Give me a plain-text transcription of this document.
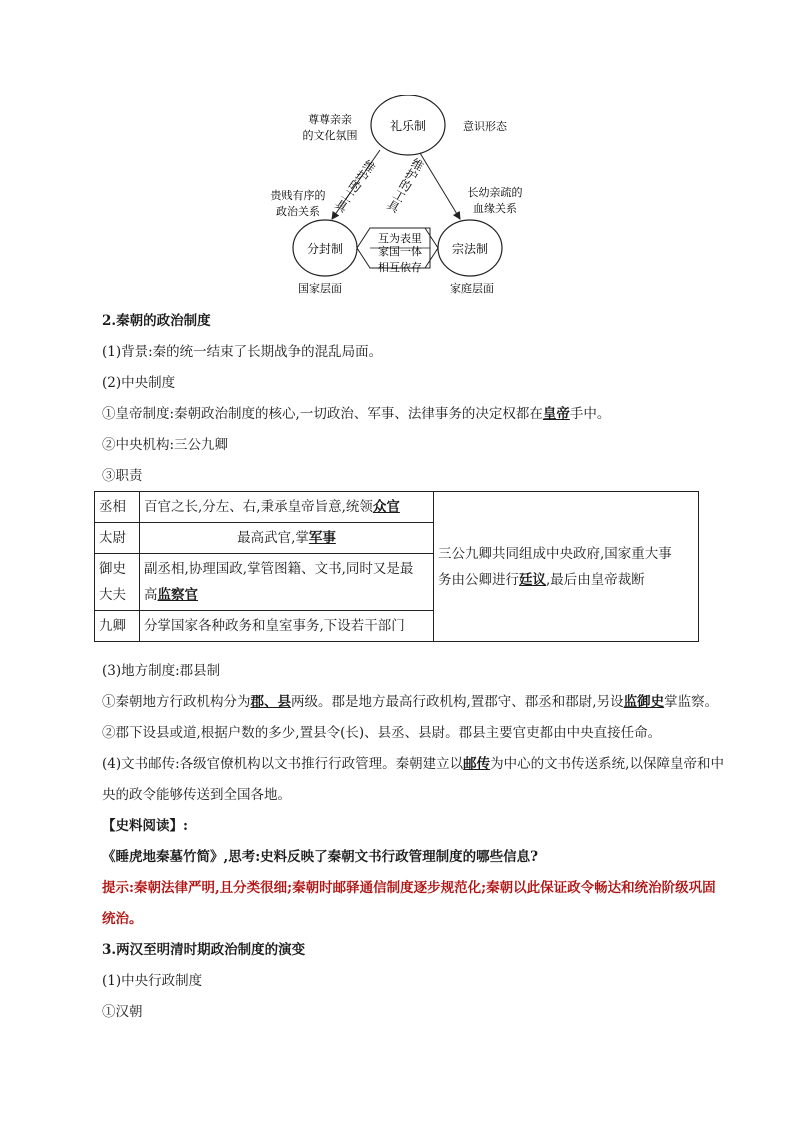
礼乐制
分封制	宗法制
尊尊亲亲
的文化氛围
意识形态
贵贱有序的
政治关系
长幼亲疏的
血缘关系
维护的工具 维护的工具
互为表里
家国一体
相互依存
国家层面	家庭层面
2.秦朝的政治制度
(1)背景:秦的统一结束了长期战争的混乱局面。
(2)中央制度
①皇帝制度:秦朝政治制度的核心,一切政治、军事、法律事务的决定权都在皇帝手中。
②中央机构:三公九卿
③职责
丞相	百官之长,分左、右,秉承皇帝旨意,统领众官	三公九卿共同组成中央政府,国家重大事
务由公卿进行廷议,最后由皇帝裁断
太尉	最高武官,掌军事	
御史
大夫	副丞相,协理国政,掌管图籍、文书,同时又是最
高监察官	
九卿	分掌国家各种政务和皇室事务,下设若干部门	
(3)地方制度:郡县制
①秦朝地方行政机构分为郡、县两级。郡是地方最高行政机构,置郡守、郡丞和郡尉,另设监御史掌监察。
②郡下设县或道,根据户数的多少,置县令(长)、县丞、县尉。郡县主要官吏都由中央直接任命。
(4)文书邮传:各级官僚机构以文书推行行政管理。秦朝建立以邮传为中心的文书传送系统,以保障皇帝和中
央的政令能够传送到全国各地。
【史料阅读】:
《睡虎地秦墓竹简》,思考:史料反映了秦朝文书行政管理制度的哪些信息?
提示:秦朝法律严明,且分类很细;秦朝时邮驿通信制度逐步规范化;秦朝以此保证政令畅达和统治阶级巩固
统治。
3.两汉至明清时期政治制度的演变
(1)中央行政制度
①汉朝
